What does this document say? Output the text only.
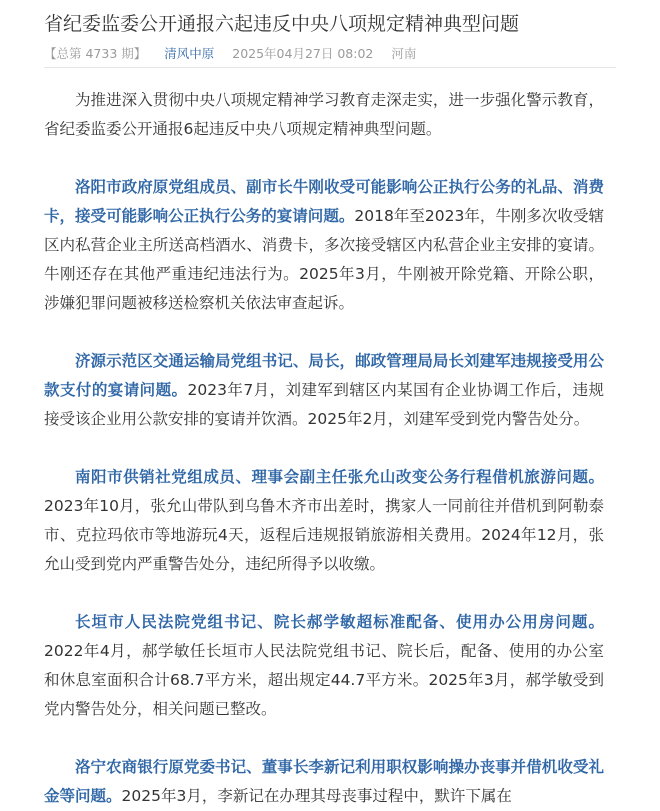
省纪委监委公开通报六起违反中央八项规定精神典型问题
【总第 4733 期】 清风中原 2025年04月27日 08:02 河南

为推进深入贯彻中央八项规定精神学习教育走深走实，进一步强化警示教育，省纪委监委公开通报6起违反中央八项规定精神典型问题。

洛阳市政府原党组成员、副市长牛刚收受可能影响公正执行公务的礼品、消费卡，接受可能影响公正执行公务的宴请问题。2018年至2023年，牛刚多次收受辖区内私营企业主所送高档酒水、消费卡，多次接受辖区内私营企业主安排的宴请。牛刚还存在其他严重违纪违法行为。2025年3月，牛刚被开除党籍、开除公职，涉嫌犯罪问题被移送检察机关依法审查起诉。

济源示范区交通运输局党组书记、局长，邮政管理局局长刘建军违规接受用公款支付的宴请问题。2023年7月，刘建军到辖区内某国有企业协调工作后，违规接受该企业用公款安排的宴请并饮酒。2025年2月，刘建军受到党内警告处分。

南阳市供销社党组成员、理事会副主任张允山改变公务行程借机旅游问题。2023年10月，张允山带队到乌鲁木齐市出差时，携家人一同前往并借机到阿勒泰市、克拉玛依市等地游玩4天，返程后违规报销旅游相关费用。2024年12月，张允山受到党内严重警告处分，违纪所得予以收缴。

长垣市人民法院党组书记、院长郝学敏超标准配备、使用办公用房问题。2022年4月，郝学敏任长垣市人民法院党组书记、院长后，配备、使用的办公室和休息室面积合计68.7平方米，超出规定44.7平方米。2025年3月，郝学敏受到党内警告处分，相关问题已整改。

洛宁农商银行原党委书记、董事长李新记利用职权影响操办丧事并借机收受礼金等问题。2025年3月，李新记在办理其母丧事过程中，默许下属在
